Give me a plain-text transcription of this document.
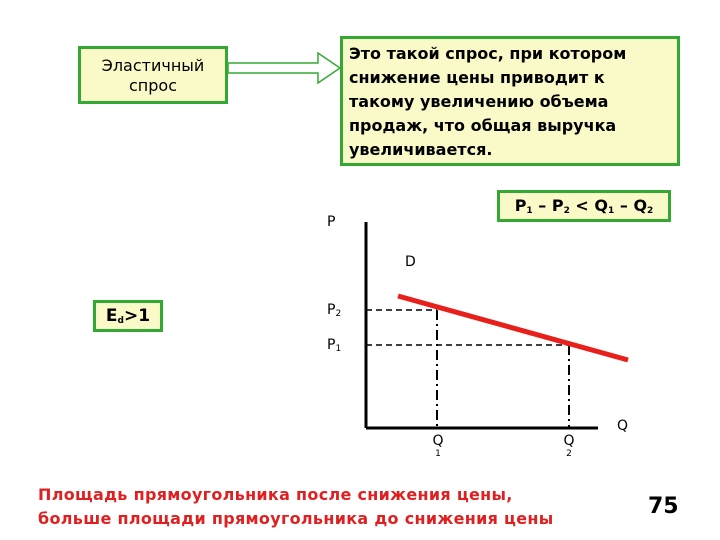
Эластичный
спрос
Это такой спрос, при котором снижение цены приводит к такому увеличению объема продаж, что общая выручка увеличивается.
$P_1 - P_2 < Q_1 - Q_2$
$E_d>1$
P
Q
D
$P_2$
$P_1$
Q
1
Q
2
Площадь прямоугольника после снижения цены,
больше площади прямоугольника до снижения цены	75
